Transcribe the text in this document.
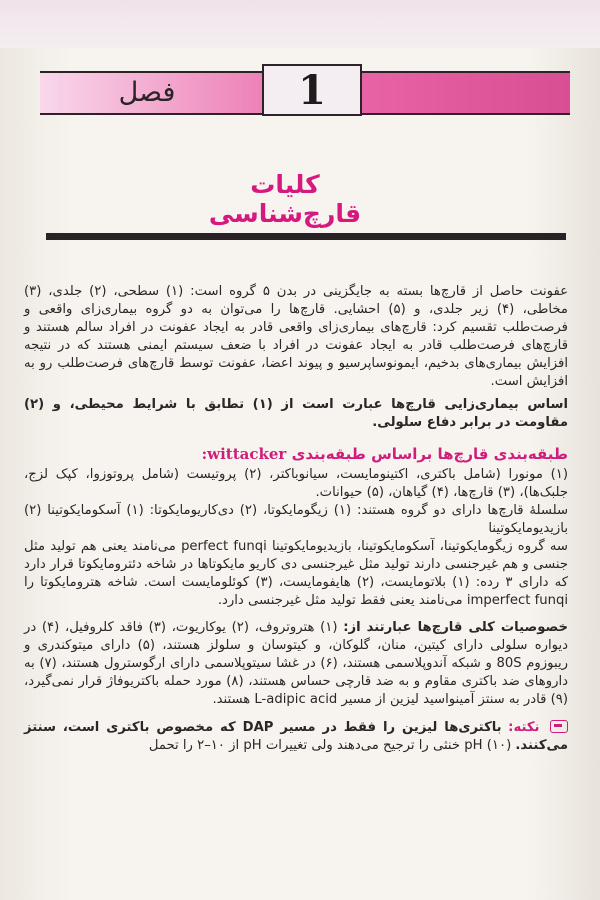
فصل	1
کلیات قارچ‌شناسی

عفونت حاصل از قارچ‌ها بسته به جایگزینی در بدن ۵ گروه است: (۱) سطحی، (۲) جلدی، (۳) مخاطی، (۴) زیر جلدی، و (۵) احشایی. قارچ‌ها را می‌توان به دو گروه بیماری‌زای واقعی و فرصت‌طلب تقسیم کرد: قارچ‌های بیماری‌زای واقعی قادر به ایجاد عفونت در افراد سالم هستند و قارچ‌های فرصت‌طلب قادر به ایجاد عفونت در افراد با ضعف سیستم ایمنی هستند که در نتیجه افزایش بیماری‌های بدخیم، ایمونوساپرسیو و پیوند اعضا، عفونت توسط قارچ‌های فرصت‌طلب رو به افزایش است.

اساس بیماری‌زایی قارچ‌ها عبارت است از (۱) تطابق با شرایط محیطی، و (۲) مقاومت در برابر دفاع سلولی.

طبقه‌بندی قارچ‌ها براساس طبقه‌بندی wittacker:

(۱) مونورا (شامل باکتری، اکتینومایست، سیانوباکتر، (۲) پروتیست (شامل پروتوزوا، کپک لزج، جلبک‌ها)، (۳) قارچ‌ها، (۴) گیاهان، (۵) حیوانات.

سلسلهٔ قارچ‌ها دارای دو گروه هستند: (۱) زیگومایکوتا، (۲) دی‌کاریومایکوتا: (۱) آسکومایکوتینا (۲) بازیدیومایکوتینا

سه گروه زیگومایکوتینا، آسکومایکوتینا، بازیدیومایکوتینا perfect funqi می‌نامند یعنی هم تولید مثل جنسی و هم غیرجنسی دارند تولید مثل غیرجنسی دی کاریو مایکوتاها در شاخه دئترومایکوتا قرار دارد که دارای ۳ رده: (۱) بلاتومایست، (۲) هایفومایست، (۳) کوئلومایست است. شاخه هترومایکوتا را imperfect funqi می‌نامند یعنی فقط تولید مثل غیرجنسی دارد.

خصوصیات کلی قارچ‌ها عبارتند از: (۱) هتروتروف، (۲) یوکاریوت، (۳) فاقد کلروفیل، (۴) در دیواره سلولی دارای کیتین، منان، گلوکان، و کیتوسان و سلولز هستند، (۵) دارای میتوکندری و ریبوزوم 80S و شبکه آندوپلاسمی هستند، (۶) در غشا سیتوپلاسمی دارای ارگوسترول هستند، (۷) به داروهای ضد باکتری مقاوم و به ضد قارچی حساس هستند، (۸) مورد حمله باکتریوفاژ قرار نمی‌گیرد، (۹) قادر به سنتز آمینواسید لیزین از مسیر L-adipic acid هستند.

نکته: باکتری‌ها لیزین را فقط در مسیر DAP که مخصوص باکتری است، سنتز می‌کنند. (۱۰) pH خنثی را ترجیح می‌دهند ولی تغییرات pH از ۱۰–۲ را تحمل
